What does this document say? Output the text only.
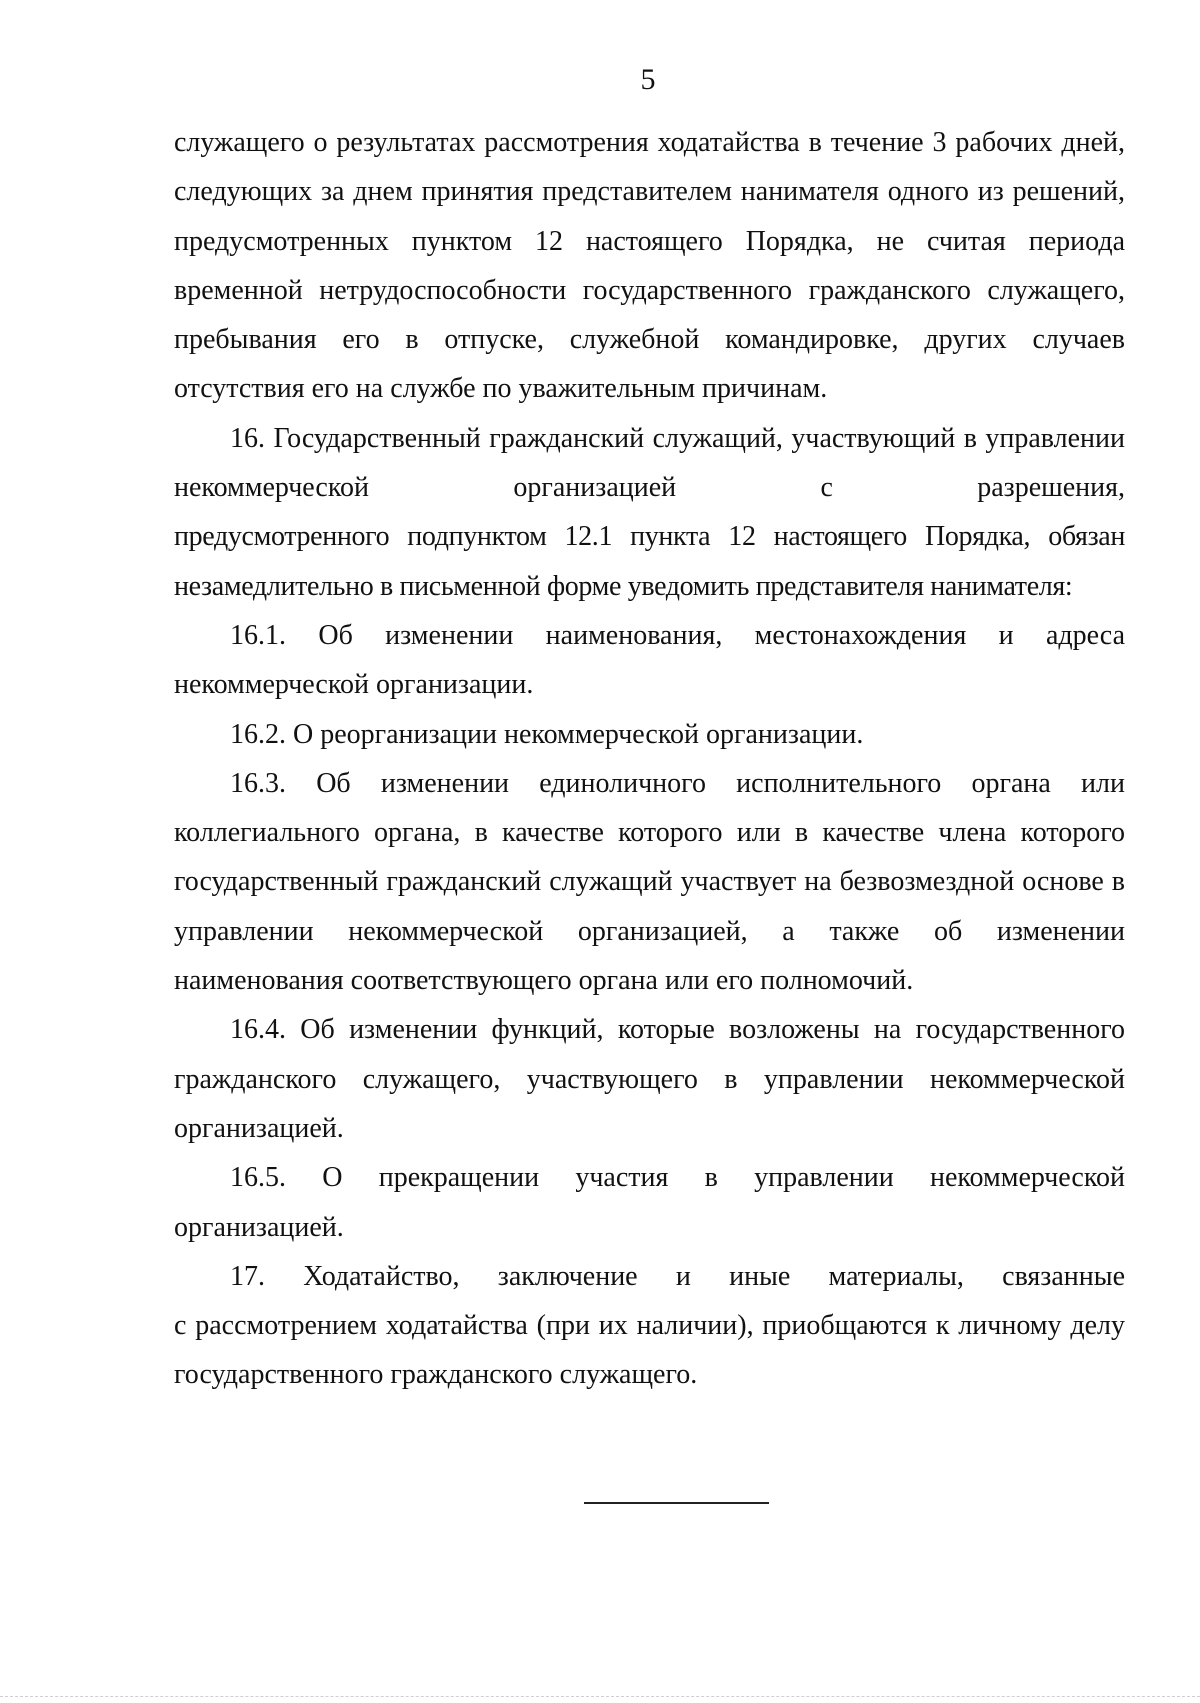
5

служащего о результатах рассмотрения ходатайства в течение 3 рабочих дней, следующих за днем принятия представителем нанимателя одного из решений, предусмотренных пунктом 12 настоящего Порядка, не считая периода временной нетрудоспособности государственного гражданского служащего, пребывания его в отпуске, служебной командировке, других случаев отсутствия его на службе по уважительным причинам.

16. Государственный гражданский служащий, участвующий в управлении некоммерческой организацией с разрешения,

предусмотренного подпунктом 12.1 пункта 12 настоящего Порядка, обязан незамедлительно в письменной форме уведомить представителя нанимателя:

16.1. Об изменении наименования, местонахождения и адреса некоммерческой организации.

16.2. О реорганизации некоммерческой организации.

16.3. Об изменении единоличного исполнительного органа или коллегиального органа, в качестве которого или в качестве члена которого государственный гражданский служащий участвует на безвозмездной основе в управлении некоммерческой организацией, а также об изменении наименования соответствующего органа или его полномочий.

16.4. Об изменении функций, которые возложены на государственного гражданского служащего, участвующего в управлении некоммерческой организацией.

16.5. О прекращении участия в управлении некоммерческой организацией.

17. Ходатайство, заключение и иные материалы, связанные

с рассмотрением ходатайства (при их наличии), приобщаются к личному делу государственного гражданского служащего.
